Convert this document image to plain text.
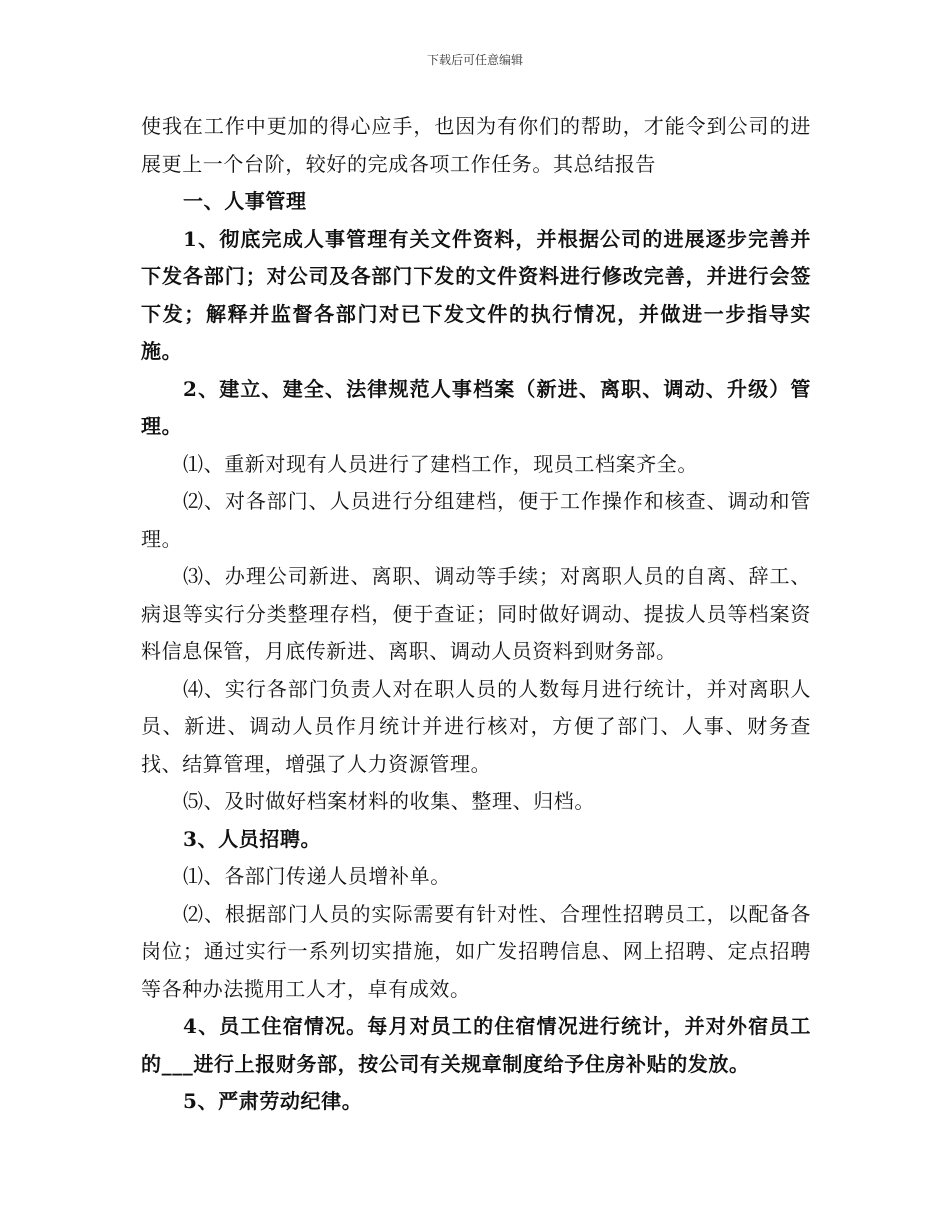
下载后可任意编辑

使我在工作中更加的得心应手，也因为有你们的帮助，才能令到公司的进展更上一个台阶，较好的完成各项工作任务。其总结报告

一、人事管理

1、彻底完成人事管理有关文件资料，并根据公司的进展逐步完善并下发各部门；对公司及各部门下发的文件资料进行修改完善，并进行会签下发；解释并监督各部门对已下发文件的执行情况，并做进一步指导实施。

2、建立、建全、法律规范人事档案（新进、离职、调动、升级）管理。

⑴、重新对现有人员进行了建档工作，现员工档案齐全。

⑵、对各部门、人员进行分组建档，便于工作操作和核查、调动和管理。

⑶、办理公司新进、离职、调动等手续；对离职人员的自离、辞工、病退等实行分类整理存档，便于查证；同时做好调动、提拔人员等档案资料信息保管，月底传新进、离职、调动人员资料到财务部。

⑷、实行各部门负责人对在职人员的人数每月进行统计，并对离职人员、新进、调动人员作月统计并进行核对，方便了部门、人事、财务查找、结算管理，增强了人力资源管理。

⑸、及时做好档案材料的收集、整理、归档。

3、人员招聘。

⑴、各部门传递人员增补单。

⑵、根据部门人员的实际需要有针对性、合理性招聘员工，以配备各岗位；通过实行一系列切实措施，如广发招聘信息、网上招聘、定点招聘等各种办法揽用工人才，卓有成效。

4、员工住宿情况。每月对员工的住宿情况进行统计，并对外宿员工的___进行上报财务部，按公司有关规章制度给予住房补贴的发放。

5、严肃劳动纪律。
